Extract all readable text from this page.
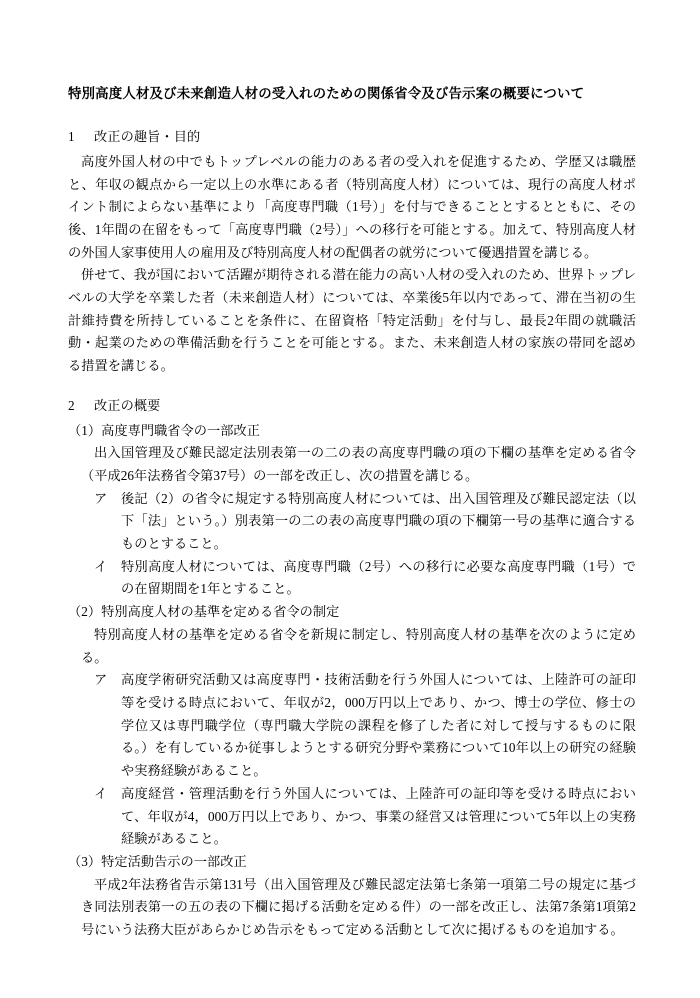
特別高度人材及び未来創造人材の受入れのための関係省令及び告示案の概要について

1 改正の趣旨・目的

高度外国人材の中でもトップレベルの能力のある者の受入れを促進するため、学歴又は職歴と、年収の観点から一定以上の水準にある者（特別高度人材）については、現行の高度人材ポイント制によらない基準により「高度専門職（1号）」を付与できることとするとともに、その後、1年間の在留をもって「高度専門職（2号）」への移行を可能とする。加えて、特別高度人材の外国人家事使用人の雇用及び特別高度人材の配偶者の就労について優遇措置を講じる。

併せて、我が国において活躍が期待される潜在能力の高い人材の受入れのため、世界トップレベルの大学を卒業した者（未来創造人材）については、卒業後5年以内であって、滞在当初の生計維持費を所持していることを条件に、在留資格「特定活動」を付与し、最長2年間の就職活動・起業のための準備活動を行うことを可能とする。また、未来創造人材の家族の帯同を認める措置を講じる。

2 改正の概要

（1）高度専門職省令の一部改正

出入国管理及び難民認定法別表第一の二の表の高度専門職の項の下欄の基準を定める省令（平成26年法務省令第37号）の一部を改正し、次の措置を講じる。

ア	後記（2）の省令に規定する特別高度人材については、出入国管理及び難民認定法（以下「法」という。）別表第一の二の表の高度専門職の項の下欄第一号の基準に適合するものとすること。
イ	特別高度人材については、高度専門職（2号）への移行に必要な高度専門職（1号）での在留期間を1年とすること。

（2）特別高度人材の基準を定める省令の制定

特別高度人材の基準を定める省令を新規に制定し、特別高度人材の基準を次のように定める。

ア	高度学術研究活動又は高度専門・技術活動を行う外国人については、上陸許可の証印等を受ける時点において、年収が2，000万円以上であり、かつ、博士の学位、修士の学位又は専門職学位（専門職大学院の課程を修了した者に対して授与するものに限る。）を有しているか従事しようとする研究分野や業務について10年以上の研究の経験や実務経験があること。
イ	高度経営・管理活動を行う外国人については、上陸許可の証印等を受ける時点において、年収が4，000万円以上であり、かつ、事業の経営又は管理について5年以上の実務経験があること。

（3）特定活動告示の一部改正

平成2年法務省告示第131号（出入国管理及び難民認定法第七条第一項第二号の規定に基づき同法別表第一の五の表の下欄に掲げる活動を定める件）の一部を改正し、法第7条第1項第2号にいう法務大臣があらかじめ告示をもって定める活動として次に掲げるものを追加する。
